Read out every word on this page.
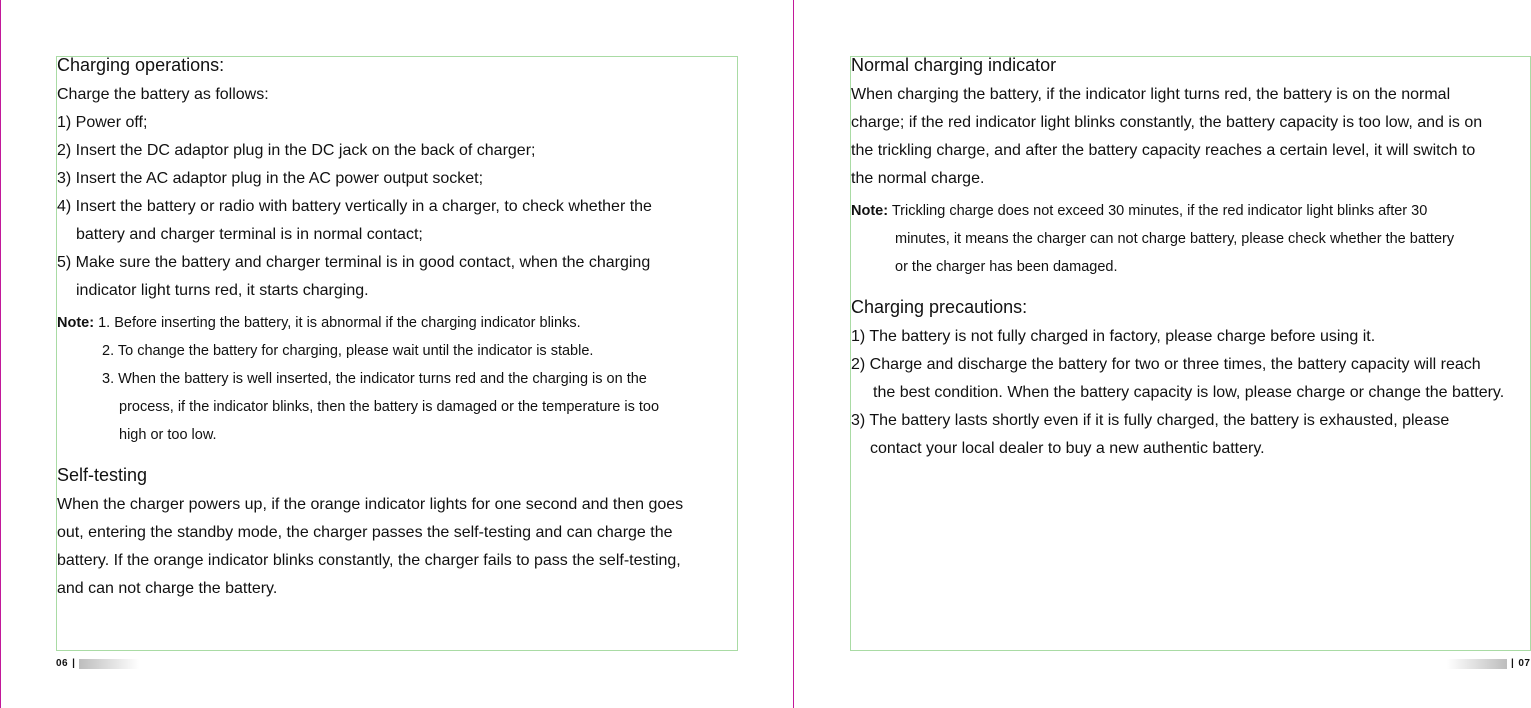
Charging operations:

Charge the battery as follows:

1) Power off;

2) Insert the DC adaptor plug in the DC jack on the back of charger;

3) Insert the AC adaptor plug in the AC power output socket;

4) Insert the battery or radio with battery vertically in a charger, to check whether the

battery and charger terminal is in normal contact;

5) Make sure the battery and charger terminal is in good contact, when the charging

indicator light turns red, it starts charging.

Note: 1. Before inserting the battery, it is abnormal if the charging indicator blinks.
2. To change the battery for charging, please wait until the indicator is stable.
3. When the battery is well inserted, the indicator turns red and the charging is on the
process, if the indicator blinks, then the battery is damaged or the temperature is too
high or too low.
Self-testing

When the charger powers up, if the orange indicator lights for one second and then goes

out, entering the standby mode, the charger passes the self-testing and can charge the

battery. If the orange indicator blinks constantly, the charger fails to pass the self-testing,

and can not charge the battery.

Normal charging indicator

When charging the battery, if the indicator light turns red, the battery is on the normal

charge; if the red indicator light blinks constantly, the battery capacity is too low, and is on

the trickling charge, and after the battery capacity reaches a certain level, it will switch to

the normal charge.

Note: Trickling charge does not exceed 30 minutes, if the red indicator light blinks after 30
minutes, it means the charger can not charge battery, please check whether the battery
or the charger has been damaged.
Charging precautions:

1) The battery is not fully charged in factory, please charge before using it.

2) Charge and discharge the battery for two or three times, the battery capacity will reach

the best condition. When the battery capacity is low, please charge or change the battery.

3) The battery lasts shortly even if it is fully charged, the battery is exhausted, please

contact your local dealer to buy a new authentic battery.

06 |	| 07
